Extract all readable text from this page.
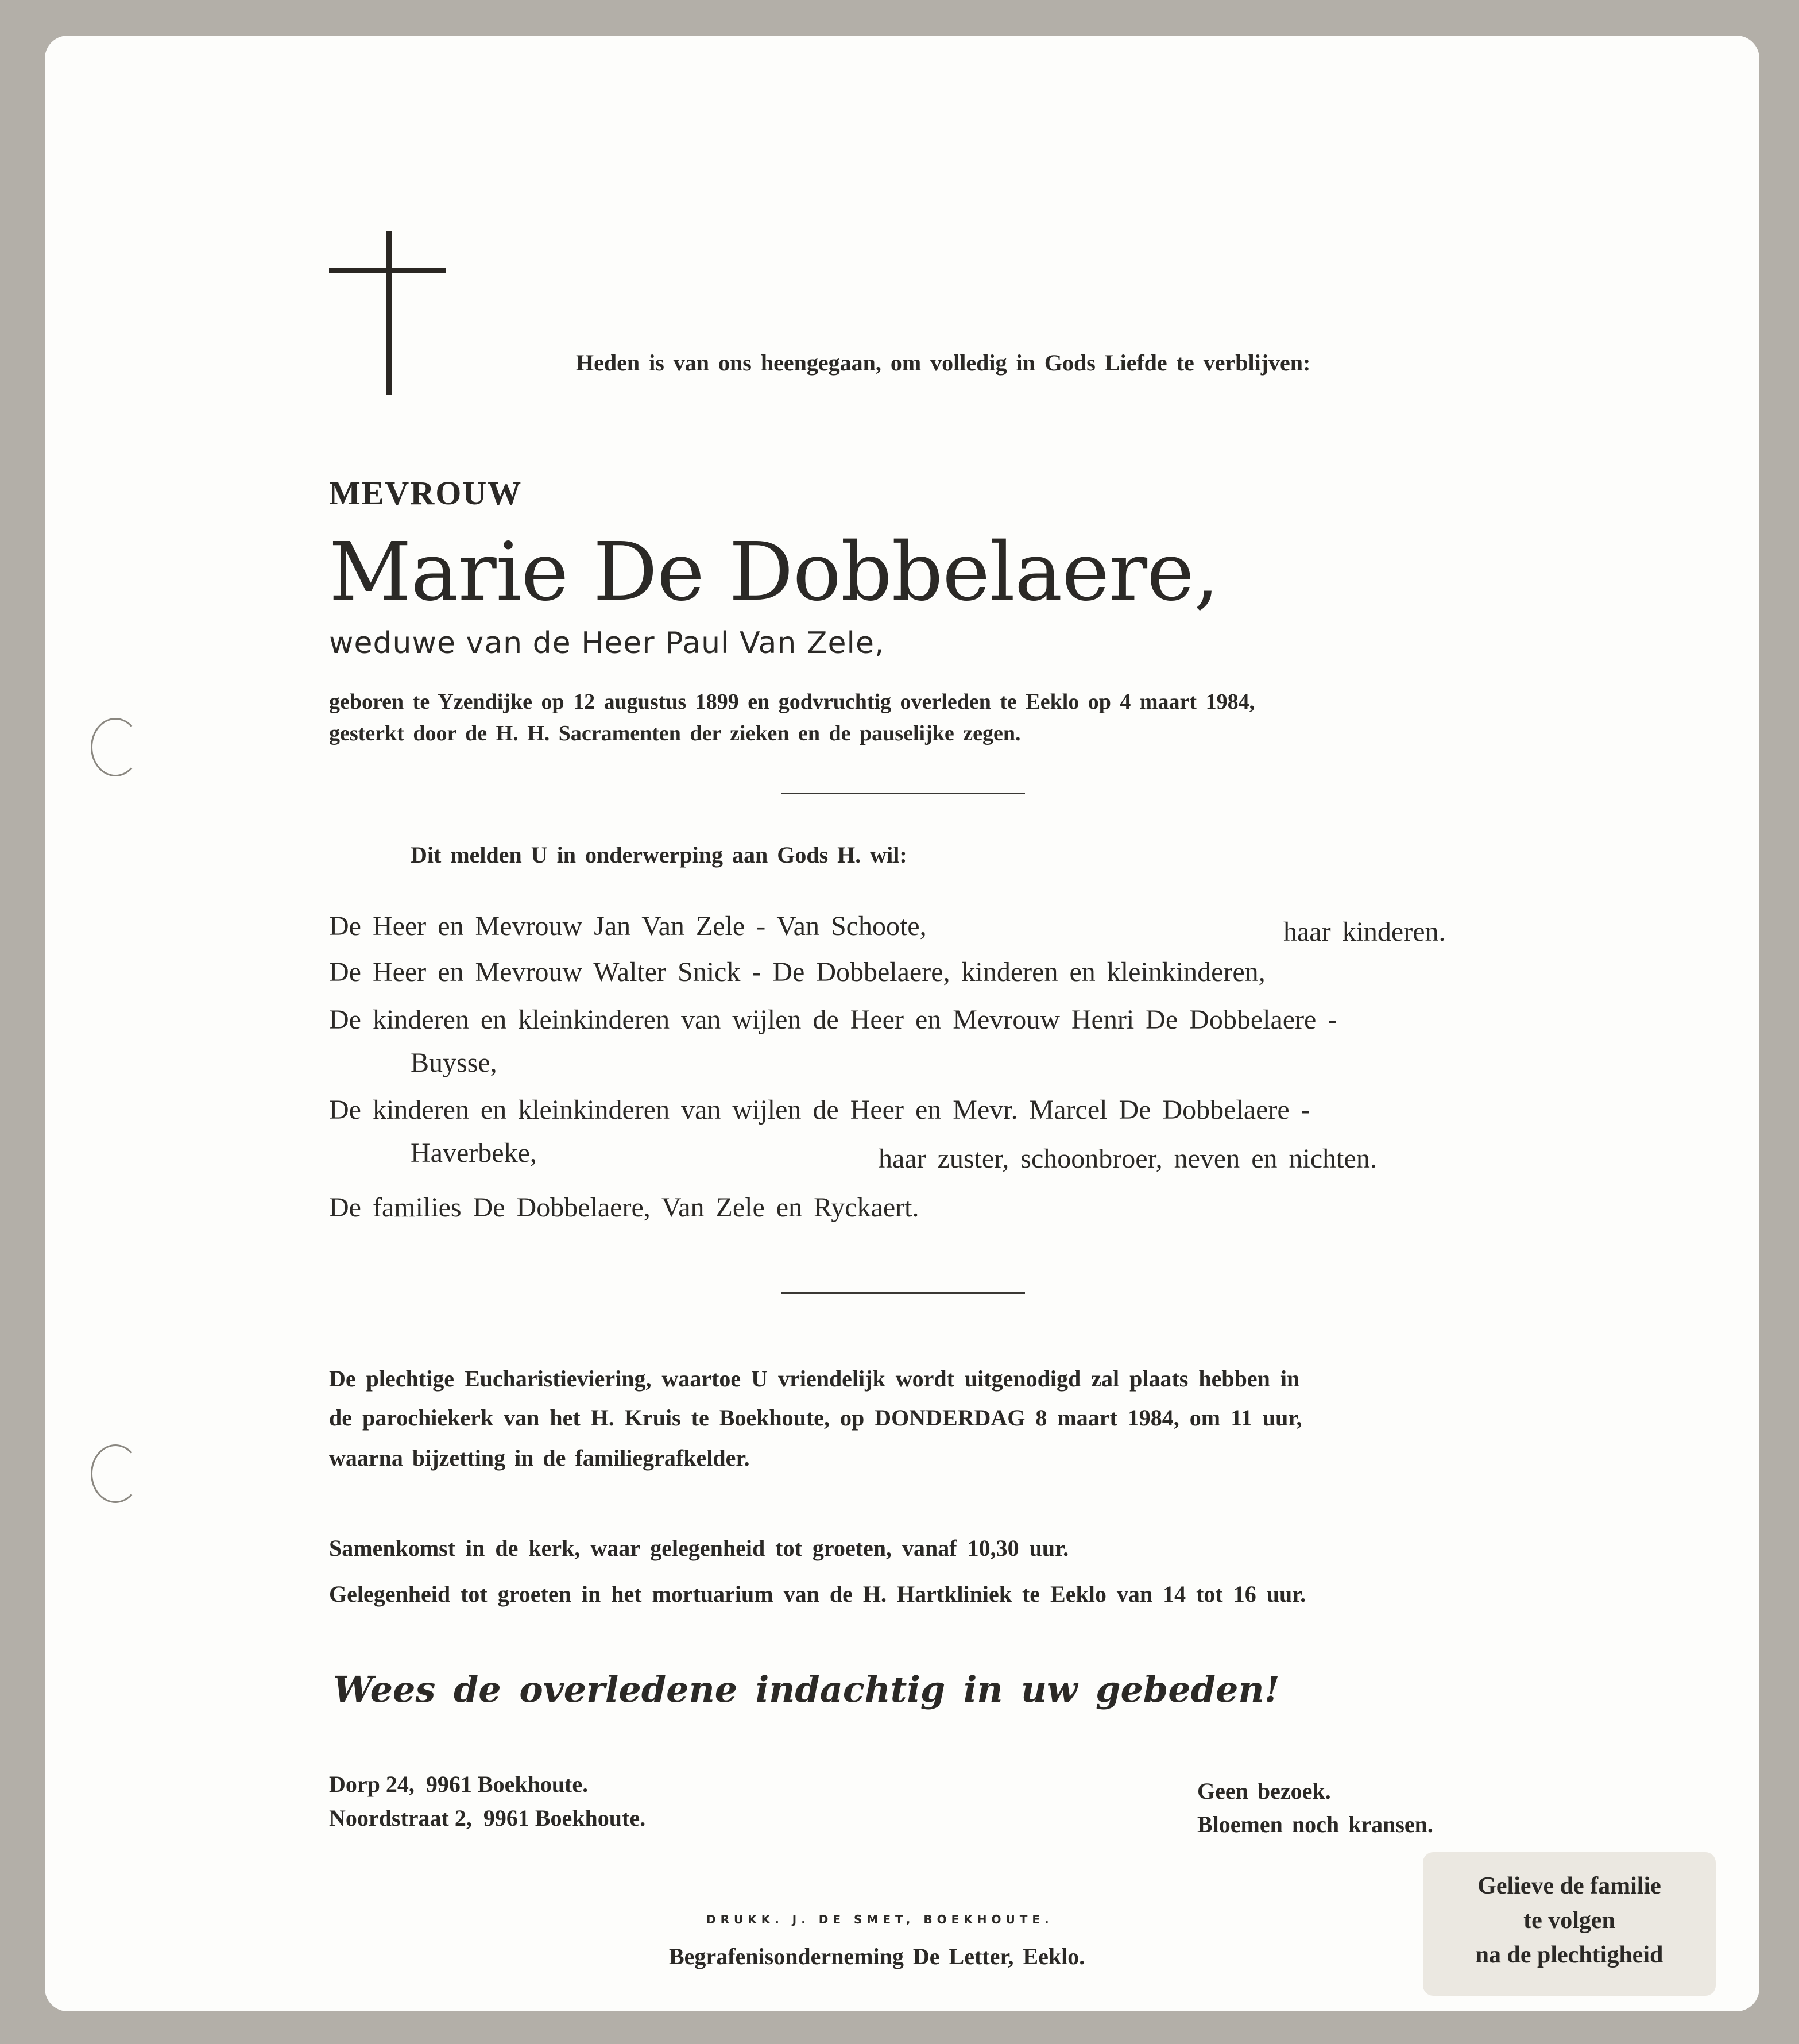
Heden is van ons heengegaan, om volledig in Gods Liefde te verblijven:
MEVROUW
Marie De Dobbelaere,
weduwe van de Heer Paul Van Zele,
geboren te Yzendijke op 12 augustus 1899 en godvruchtig overleden te Eeklo op 4 maart 1984,
gesterkt door de H. H. Sacramenten der zieken en de pauselijke zegen.
Dit melden U in onderwerping aan Gods H. wil:
De Heer en Mevrouw Jan Van Zele - Van Schoote,	haar kinderen.
De Heer en Mevrouw Walter Snick - De Dobbelaere, kinderen en kleinkinderen,
De kinderen en kleinkinderen van wijlen de Heer en Mevrouw Henri De Dobbelaere -
Buysse,
De kinderen en kleinkinderen van wijlen de Heer en Mevr. Marcel De Dobbelaere -
Haverbeke,	haar zuster, schoonbroer, neven en nichten.
De families De Dobbelaere, Van Zele en Ryckaert.
De plechtige Eucharistieviering, waartoe U vriendelijk wordt uitgenodigd zal plaats hebben in
de parochiekerk van het H. Kruis te Boekhoute, op DONDERDAG 8 maart 1984, om 11 uur,
waarna bijzetting in de familiegrafkelder.
Samenkomst in de kerk, waar gelegenheid tot groeten, vanaf 10,30 uur.
Gelegenheid tot groeten in het mortuarium van de H. Hartkliniek te Eeklo van 14 tot 16 uur.
Wees de overledene indachtig in uw gebeden!
Dorp 24,  9961 Boekhoute.
Noordstraat 2,  9961 Boekhoute.
Geen bezoek.
Bloemen noch kransen.
DRUKK. J. DE SMET, BOEKHOUTE.
Begrafenisonderneming De Letter, Eeklo.
Gelieve de familie
te volgen
na de plechtigheid
